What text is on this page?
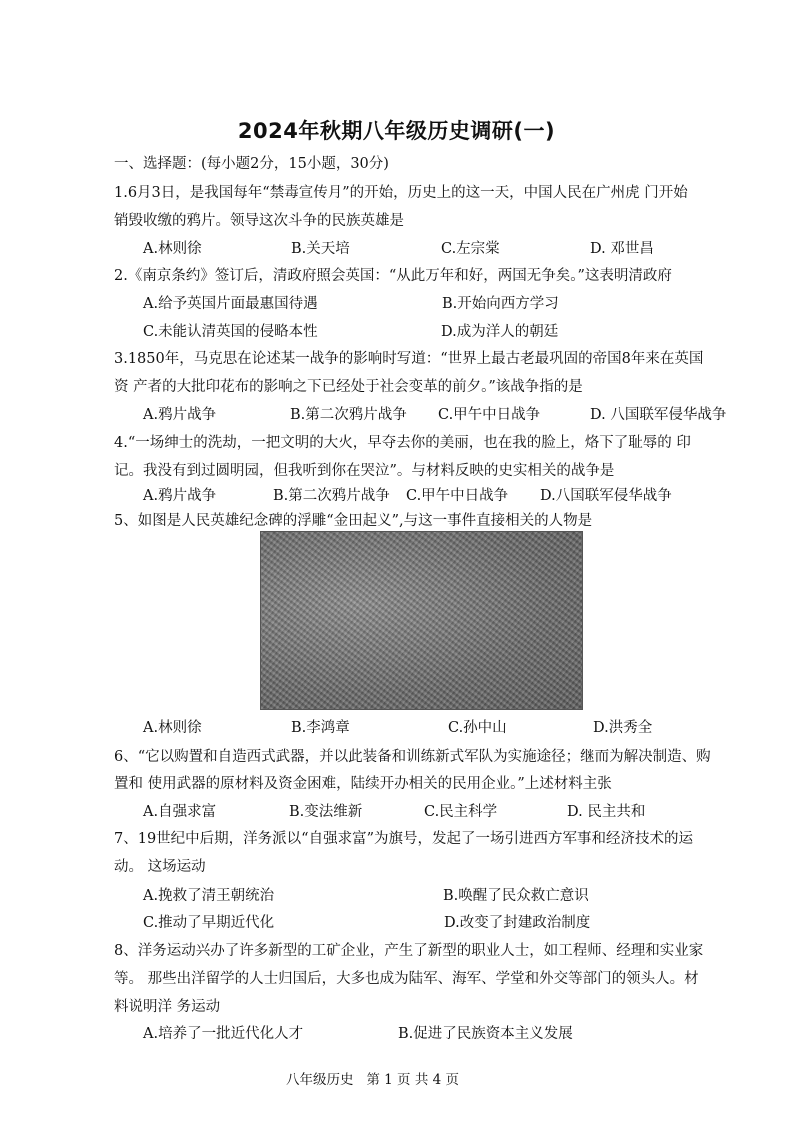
2024年秋期八年级历史调研(一)
一、选择题：(每小题2分，15小题，30分)
1.6月3日，是我国每年“禁毒宣传月”的开始，历史上的这一天，中国人民在广州虎 门开始
销毁收缴的鸦片。领导这次斗争的民族英雄是
A.林则徐	B.关天培	C.左宗棠	D. 邓世昌
2.《南京条约》签订后，清政府照会英国：“从此万年和好，两国无争矣。”这表明清政府
A.给予英国片面最惠国待遇	B.开始向西方学习
C.未能认清英国的侵略本性	D.成为洋人的朝廷
3.1850年，马克思在论述某一战争的影响时写道：“世界上最古老最巩固的帝国8年来在英国
资 产者的大批印花布的影响之下已经处于社会变革的前夕。”该战争指的是
A.鸦片战争	B.第二次鸦片战争 C.甲午中日战争	D. 八国联军侵华战争
4.“一场绅士的洗劫，一把文明的大火，早夺去你的美丽，也在我的脸上，烙下了耻辱的 印
记。我没有到过圆明园，但我听到你在哭泣”。与材料反映的史实相关的战争是
A.鸦片战争	B.第二次鸦片战争 C.甲午中日战争 D.八国联军侵华战争
5、如图是人民英雄纪念碑的浮雕“金田起义”,与这一事件直接相关的人物是
A.林则徐	B.李鸿章	C.孙中山	D.洪秀全
6、“它以购置和自造西式武器，并以此装备和训练新式军队为实施途径；继而为解决制造、购
置和 使用武器的原材料及资金困难，陆续开办相关的民用企业。”上述材料主张
A.自强求富	B.变法维新	C.民主科学	D. 民主共和
7、19世纪中后期，洋务派以“自强求富”为旗号，发起了一场引进西方军事和经济技术的运
动。 这场运动
A.挽救了清王朝统治	B.唤醒了民众救亡意识
C.推动了早期近代化	D.改变了封建政治制度
8、洋务运动兴办了许多新型的工矿企业，产生了新型的职业人士，如工程师、经理和实业家
等。 那些出洋留学的人士归国后，大多也成为陆军、海军、学堂和外交等部门的领头人。材
料说明洋 务运动
A.培养了一批近代化人才	B.促进了民族资本主义发展
八年级历史   第 1 页 共 4 页
